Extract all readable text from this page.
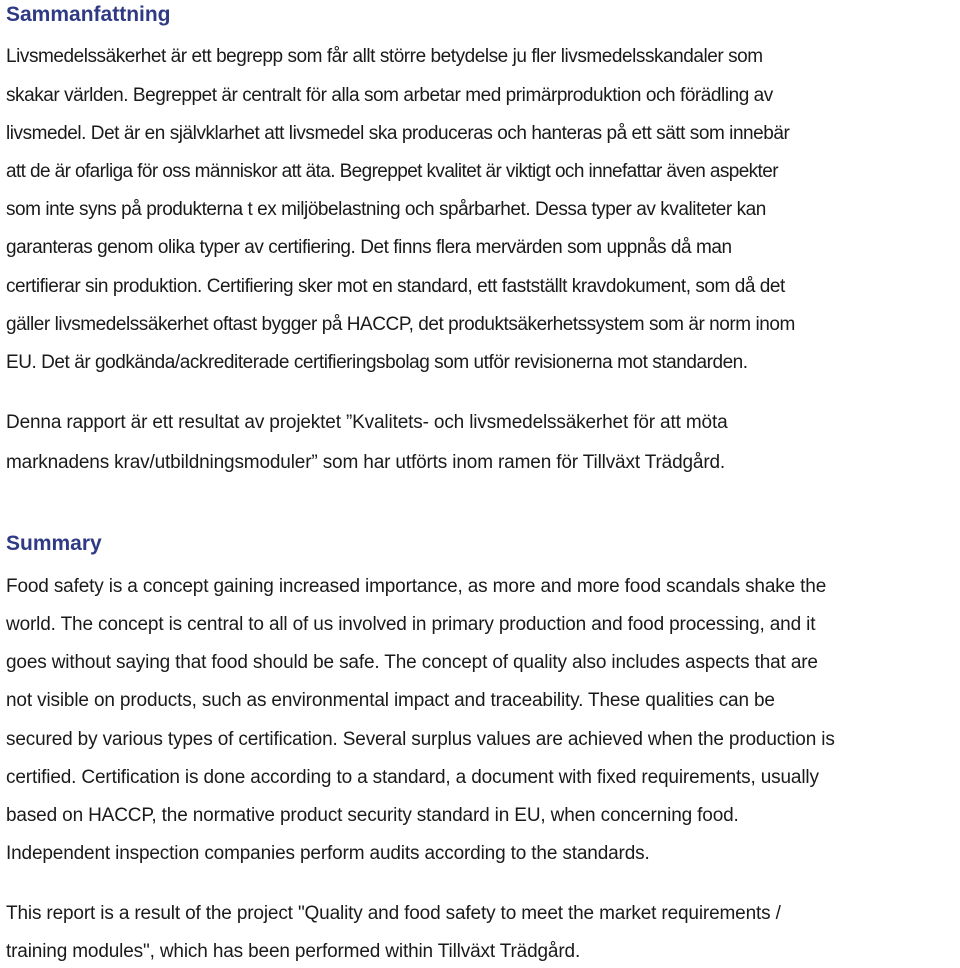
Sammanfattning

Livsmedelssäkerhet är ett begrepp som får allt större betydelse ju fler livsmedelsskandaler som

skakar världen. Begreppet är centralt för alla som arbetar med primärproduktion och förädling av

livsmedel. Det är en självklarhet att livsmedel ska produceras och hanteras på ett sätt som innebär

att de är ofarliga för oss människor att äta. Begreppet kvalitet är viktigt och innefattar även aspekter

som inte syns på produkterna t ex miljöbelastning och spårbarhet. Dessa typer av kvaliteter kan

garanteras genom olika typer av certifiering. Det finns flera mervärden som uppnås då man

certifierar sin produktion. Certifiering sker mot en standard, ett fastställt kravdokument, som då det

gäller livsmedelssäkerhet oftast bygger på HACCP, det produktsäkerhetssystem som är norm inom

EU. Det är godkända/ackrediterade certifieringsbolag som utför revisionerna mot standarden.

Denna rapport är ett resultat av projektet ”Kvalitets- och livsmedelssäkerhet för att möta

marknadens krav/utbildningsmoduler” som har utförts inom ramen för Tillväxt Trädgård.

Summary

Food safety is a concept gaining increased importance, as more and more food scandals shake the

world. The concept is central to all of us involved in primary production and food processing, and it

goes without saying that food should be safe. The concept of quality also includes aspects that are

not visible on products, such as environmental impact and traceability. These qualities can be

secured by various types of certification. Several surplus values are achieved when the production is

certified. Certification is done according to a standard, a document with fixed requirements, usually

based on HACCP, the normative product security standard in EU, when concerning food.

Independent inspection companies perform audits according to the standards.

This report is a result of the project "Quality and food safety to meet the market requirements /

training modules", which has been performed within Tillväxt Trädgård.
